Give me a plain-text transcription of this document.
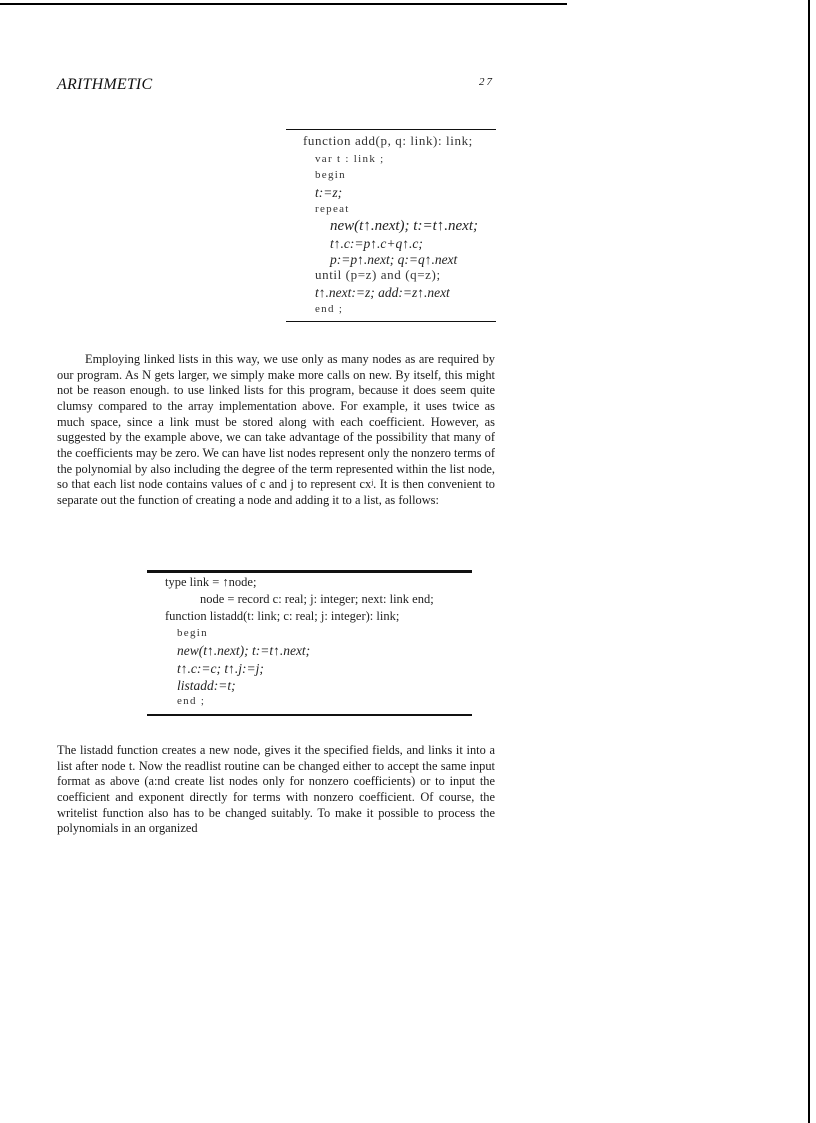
ARITHMETIC	27
function add(p, q: link): link;
var t : link ;
begin
t:=z;
repeat
new(t↑.next); t:=t↑.next;
t↑.c:=p↑.c+q↑.c;
p:=p↑.next; q:=q↑.next
until (p=z) and (q=z);
t↑.next:=z; add:=z↑.next
end ;

Employing linked lists in this way, we use only as many nodes as are required by our program. As N gets larger, we simply make more calls on new. By itself, this might not be reason enough. to use linked lists for this program, because it does seem quite clumsy compared to the array implementation above. For example, it uses twice as much space, since a link must be stored along with each coefficient. However, as suggested by the example above, we can take advantage of the possibility that many of the coefficients may be zero. We can have list nodes represent only the nonzero terms of the polynomial by also including the degree of the term represented within the list node, so that each list node contains values of c and j to represent cxʲ. It is then convenient to separate out the function of creating a node and adding it to a list, as follows:

type link = ↑node;
node = record c: real; j: integer; next: link end;
function listadd(t: link; c: real; j: integer): link;
begin
new(t↑.next); t:=t↑.next;
t↑.c:=c; t↑.j:=j;
listadd:=t;
end ;

The listadd function creates a new node, gives it the specified fields, and links it into a list after node t. Now the readlist routine can be changed either to accept the same input format as above (a:nd create list nodes only for nonzero coefficients) or to input the coefficient and exponent directly for terms with nonzero coefficient. Of course, the writelist function also has to be changed suitably. To make it possible to process the polynomials in an organized
